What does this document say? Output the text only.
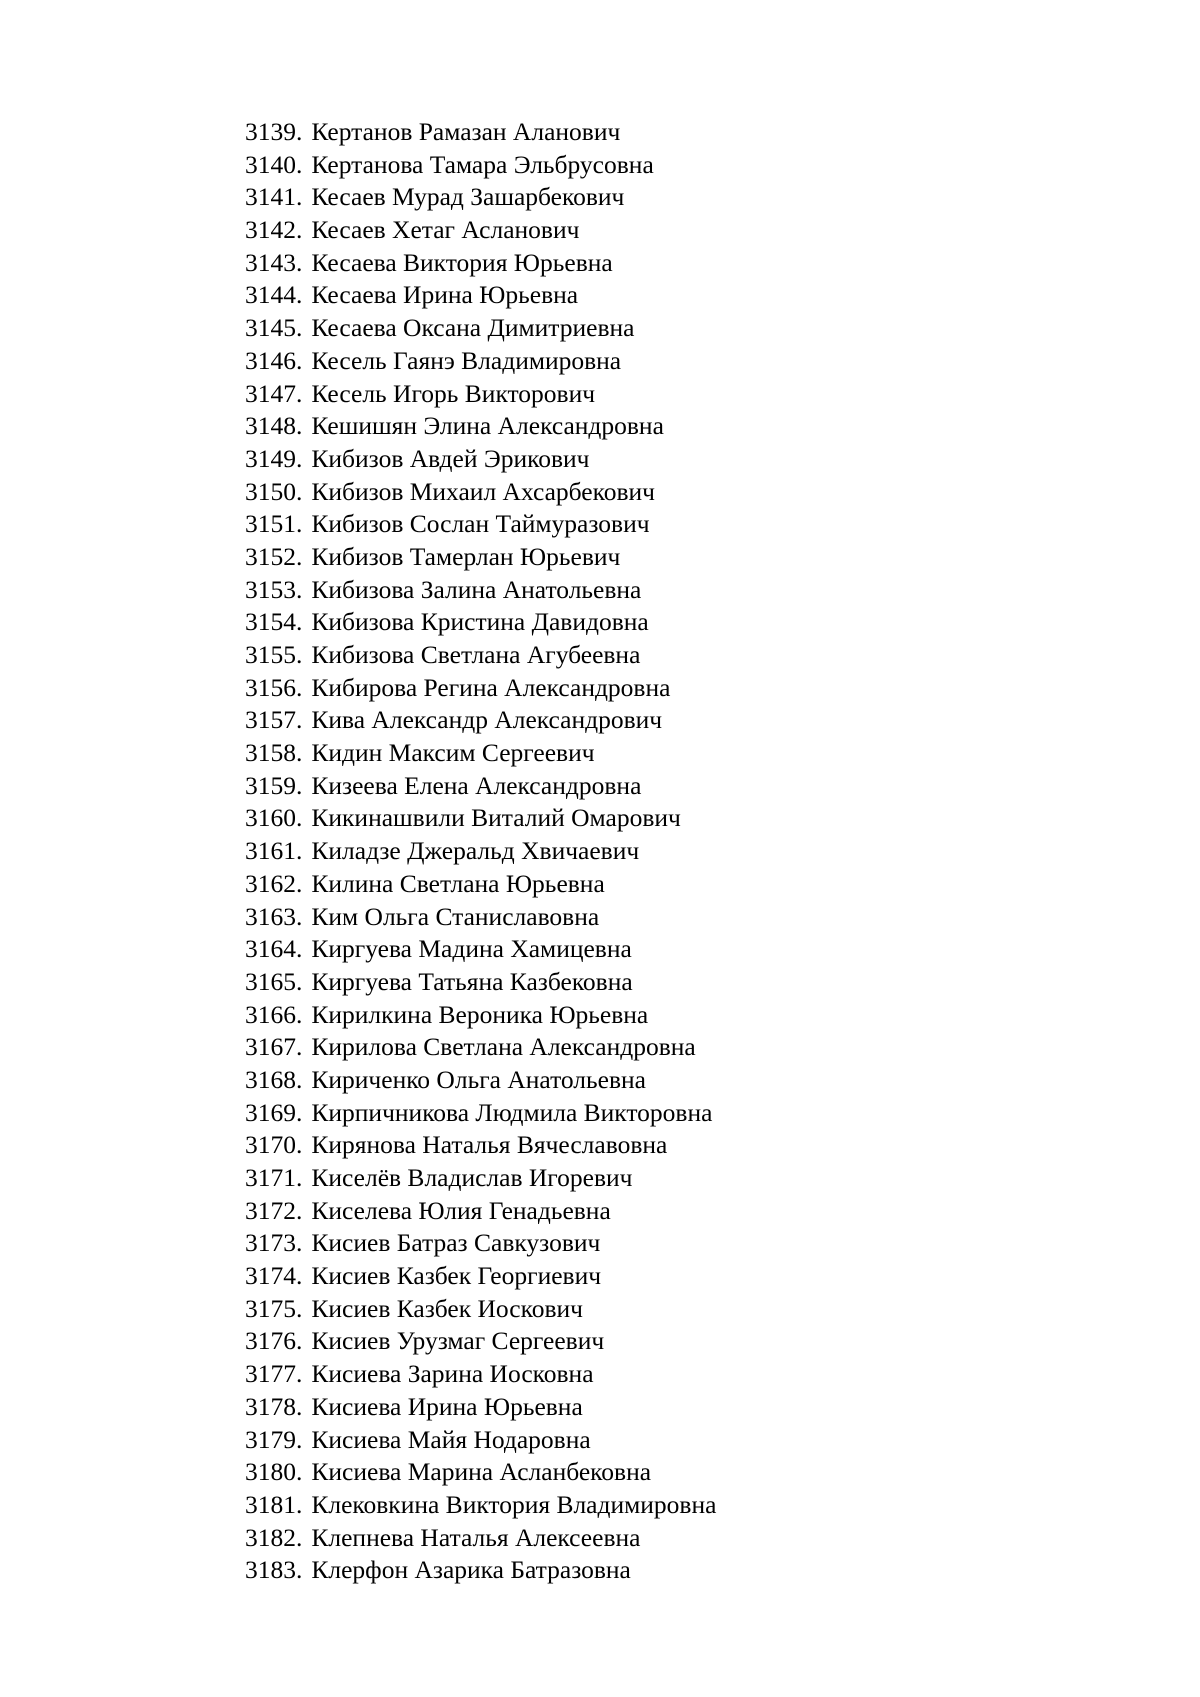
3139. Кертанов Рамазан Аланович
3140. Кертанова Тамара Эльбрусовна
3141. Кесаев Мурад Зашарбекович
3142. Кесаев Хетаг Асланович
3143. Кесаева Виктория Юрьевна
3144. Кесаева Ирина Юрьевна
3145. Кесаева Оксана Димитриевна
3146. Кесель Гаянэ Владимировна
3147. Кесель Игорь Викторович
3148. Кешишян Элина Александровна
3149. Кибизов Авдей Эрикович
3150. Кибизов Михаил Ахсарбекович
3151. Кибизов Сослан Таймуразович
3152. Кибизов Тамерлан Юрьевич
3153. Кибизова Залина Анатольевна
3154. Кибизова Кристина Давидовна
3155. Кибизова Светлана Агубеевна
3156. Кибирова Регина Александровна
3157. Кива Александр Александрович
3158. Кидин Максим Сергеевич
3159. Кизеева Елена Александровна
3160. Кикинашвили Виталий Омарович
3161. Киладзе Джеральд Хвичаевич
3162. Килина Светлана Юрьевна
3163. Ким Ольга Станиславовна
3164. Киргуева Мадина Хамицевна
3165. Киргуева Татьяна Казбековна
3166. Кирилкина Вероника Юрьевна
3167. Кирилова Светлана Александровна
3168. Кириченко Ольга Анатольевна
3169. Кирпичникова Людмила Викторовна
3170. Кирянова Наталья Вячеславовна
3171. Киселёв Владислав Игоревич
3172. Киселева Юлия Генадьевна
3173. Кисиев Батраз Савкузович
3174. Кисиев Казбек Георгиевич
3175. Кисиев Казбек Иоскович
3176. Кисиев Урузмаг Сергеевич
3177. Кисиева Зарина Иосковна
3178. Кисиева Ирина Юрьевна
3179. Кисиева Майя Нодаровна
3180. Кисиева Марина Асланбековна
3181. Клековкина Виктория Владимировна
3182. Клепнева Наталья Алексеевна
3183. Клерфон Азарика Батразовна
